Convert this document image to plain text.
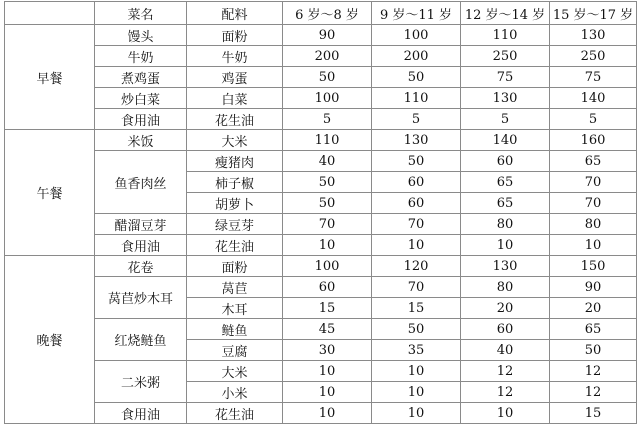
	菜名	配料	6 岁～8 岁	9 岁～11 岁	12 岁～14 岁	15 岁～17 岁
早餐	馒头	面粉	90	100	110	130
	牛奶	牛奶	200	200	250	250
	煮鸡蛋	鸡蛋	50	50	75	75
	炒白菜	白菜	100	110	130	140
	食用油	花生油	5	5	5	5
午餐	米饭	大米	110	130	140	160
	鱼香肉丝	瘦猪肉	40	50	60	65
		柿子椒	50	60	65	70
		胡萝卜	50	60	65	70
	醋溜豆芽	绿豆芽	70	70	80	80
	食用油	花生油	10	10	10	10
晚餐	花卷	面粉	100	120	130	150
	莴苣炒木耳	莴苣	60	70	80	90
		木耳	15	15	20	20
	红烧鲢鱼	鲢鱼	45	50	60	65
		豆腐	30	35	40	50
	二米粥	大米	10	10	12	12
		小米	10	10	12	12
	食用油	花生油	10	10	10	15
